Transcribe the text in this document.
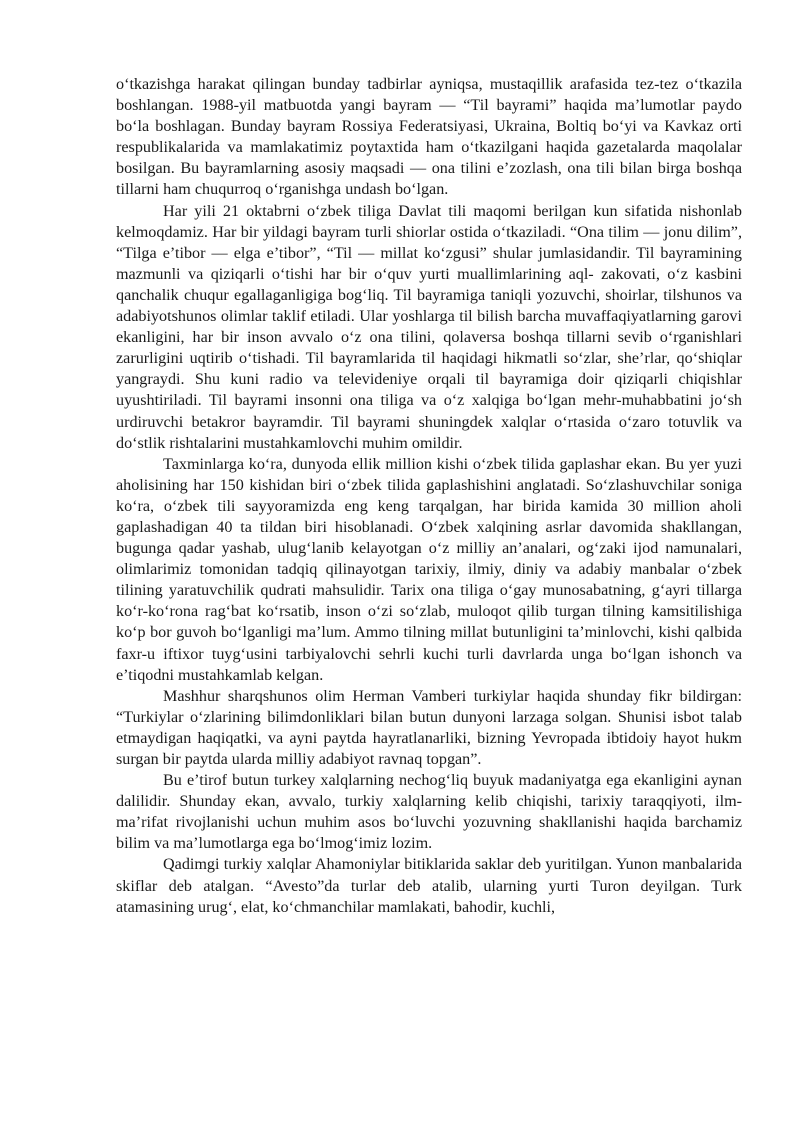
o‘tkazishga harakat qilingan bunday tadbirlar ayniqsa, mustaqillik arafasida tez-tez o‘tkazila boshlangan. 1988-yil matbuotda yangi bayram — “Til bayrami” haqida ma’lumotlar paydo bo‘la boshlagan. Bunday bayram Rossiya Federatsiyasi, Ukraina, Boltiq bo‘yi va Kavkaz orti respublikalarida va mamlakatimiz poytaxtida ham o‘tkazilgani haqida gazetalarda maqolalar bosilgan. Bu bayramlarning asosiy maqsadi — ona tilini e’zozlash, ona tili bilan birga boshqa tillarni ham chuqurroq o‘rganishga undash bo‘lgan.

Har yili 21 oktabrni o‘zbek tiliga Davlat tili maqomi berilgan kun sifatida nishonlab kelmoqdamiz. Har bir yildagi bayram turli shiorlar ostida o‘tkaziladi. “Ona tilim — jonu dilim”, “Tilga e’tibor — elga e’tibor”, “Til — millat ko‘zgusi” shular jumlasidandir. Til bayramining mazmunli va qiziqarli o‘tishi har bir o‘quv yurti muallimlarining aql- zakovati, o‘z kasbini qanchalik chuqur egallaganligiga bog‘liq. Til bayramiga taniqli yozuvchi, shoirlar, tilshunos va adabiyotshunos olimlar taklif etiladi. Ular yoshlarga til bilish barcha muvaffaqiyatlarning garovi ekanligini, har bir inson avvalo o‘z ona tilini, qolaversa boshqa tillarni sevib o‘rganishlari zarurligini uqtirib o‘tishadi. Til bayramlarida til haqidagi hikmatli so‘zlar, she’rlar, qo‘shiqlar yangraydi. Shu kuni radio va televideniye orqali til bayramiga doir qiziqarli chiqishlar uyushtiriladi. Til bayrami insonni ona tiliga va o‘z xalqiga bo‘lgan mehr-muhabbatini jo‘sh urdiruvchi betakror bayramdir. Til bayrami shuningdek xalqlar o‘rtasida o‘zaro totuvlik va do‘stlik rishtalarini mustahkamlovchi muhim omildir.

Taxminlarga ko‘ra, dunyoda ellik million kishi o‘zbek tilida gaplashar ekan. Bu yer yuzi aholisining har 150 kishidan biri o‘zbek tilida gaplashishini anglatadi. So‘zlashuvchilar soniga ko‘ra, o‘zbek tili sayyoramizda eng keng tarqalgan, har birida kamida 30 million aholi gaplashadigan 40 ta tildan biri hisoblanadi. O‘zbek xalqining asrlar davomida shakllangan, bugunga qadar yashab, ulug‘lanib kelayotgan o‘z milliy an’analari, og‘zaki ijod namunalari, olimlarimiz tomonidan tadqiq qilinayotgan tarixiy, ilmiy, diniy va adabiy manbalar o‘zbek tilining yaratuvchilik qudrati mahsulidir. Tarix ona tiliga o‘gay munosabatning, g‘ayri tillarga ko‘r-ko‘rona rag‘bat ko‘rsatib, inson o‘zi so‘zlab, muloqot qilib turgan tilning kamsitilishiga ko‘p bor guvoh bo‘lganligi ma’lum. Ammo tilning millat butunligini ta’minlovchi, kishi qalbida faxr-u iftixor tuyg‘usini tarbiyalovchi sehrli kuchi turli davrlarda unga bo‘lgan ishonch va e’tiqodni mustahkamlab kelgan.

Mashhur sharqshunos olim Herman Vamberi turkiylar haqida shunday fikr bildirgan: “Turkiylar o‘zlarining bilimdonliklari bilan butun dunyoni larzaga solgan. Shunisi isbot talab etmaydigan haqiqatki, va ayni paytda hayratlanarliki, bizning Yevropada ibtidoiy hayot hukm surgan bir paytda ularda milliy adabiyot ravnaq topgan”.

Bu e’tirof butun turkey xalqlarning nechog‘liq buyuk madaniyatga ega ekanligini aynan dalilidir. Shunday ekan, avvalo, turkiy xalqlarning kelib chiqishi, tarixiy taraqqiyoti, ilm-ma’rifat rivojlanishi uchun muhim asos bo‘luvchi yozuvning shakllanishi haqida barchamiz bilim va ma’lumotlarga ega bo‘lmog‘imiz lozim.

Qadimgi turkiy xalqlar Ahamoniylar bitiklarida saklar deb yuritilgan. Yunon manbalarida skiflar deb atalgan. “Avesto”da turlar deb atalib, ularning yurti Turon deyilgan. Turk atamasining urug‘, elat, ko‘chmanchilar mamlakati, bahodir, kuchli,
